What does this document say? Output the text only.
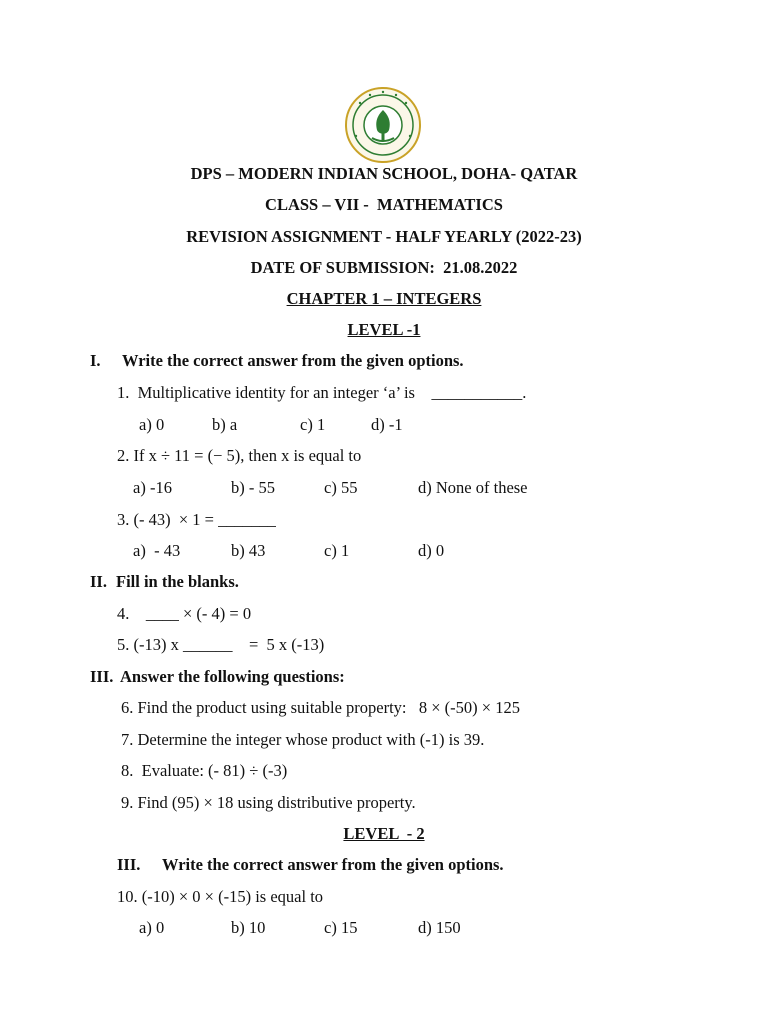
DPS – MODERN INDIAN SCHOOL, DOHA- QATAR
CLASS – VII -  MATHEMATICS
REVISION ASSIGNMENT - HALF YEARLY (2022-23)
DATE OF SUBMISSION: 21.08.2022
CHAPTER 1 – INTEGERS
LEVEL -1
I. Write the correct answer from the given options.
1.  Multiplicative identity for an integer ‘a’ is    ___________.
a) 0	b) a	c) 1	d) -1
2. If x ÷ 11 = (− 5), then x is equal to
a) -16	b) - 55	c) 55	d) None of these
3. (- 43)  × 1 = _______
a)  - 43	b) 43	c) 1	d) 0
II. Fill in the blanks.
4.    ____ × (- 4) = 0
5. (-13) x ______    =  5 x (-13)
III. Answer the following questions:
6. Find the product using suitable property:   8 × (-50) × 125
7. Determine the integer whose product with (-1) is 39.
8.  Evaluate: (- 81) ÷ (-3)
9. Find (95) × 18 using distributive property.
LEVEL  - 2
III. Write the correct answer from the given options.
10. (-10) × 0 × (-15) is equal to
a) 0	b) 10	c) 15	d) 150
